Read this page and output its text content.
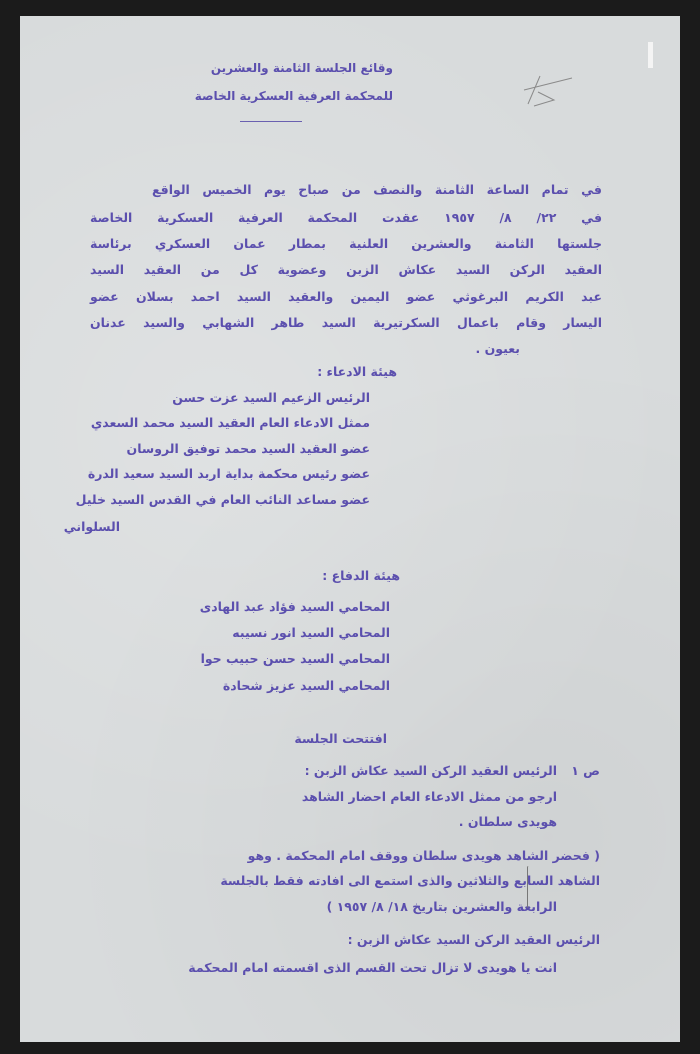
وقائع الجلسة الثامنة والعشرين
للمحكمة العرفية العسكرية الخاصة
في تمام الساعة الثامنة والنصف من صباح يوم الخميس الواقع
في ٢٢/ ٨/ ١٩٥٧ عقدت المحكمة العرفية العسكرية الخاصة
جلستها الثامنة والعشرين العلنية بمطار عمان العسكري برئاسة
العقيد الركن السيد عكاش الزبن وعضوية كل من العقيد السيد
عبد الكريم البرغوثي عضو اليمين والعقيد السيد احمد بسلان عضو
اليسار وقام باعمال السكرتيرية السيد طاهر الشهابي والسيد عدنان
بعيون .
هيئة الادعاء :
الرئيس الزعيم السيد عزت حسن
ممثل الادعاء العام العقيد السيد محمد السعدي
عضو العقيد السيد محمد توفيق الروسان
عضو رئيس محكمة بداية اربد السيد سعيد الدرة
عضو مساعد النائب العام في القدس السيد خليل
السلواني
هيئة الدفاع :
المحامي السيد فؤاد عبد الهادى
المحامي السيد انور نسيبه
المحامي السيد حسن حبيب حوا
المحامي السيد عزيز شحادة
افتتحت الجلسة
ص ١
الرئيس العقيد الركن السيد عكاش الزبن :
ارجو من ممثل الادعاء العام احضار الشاهد
هويدى سلطان .
( فحضر الشاهد هويدى سلطان ووقف امام المحكمة . وهو
الشاهد السابع والثلاثين والذى استمع الى افادته فقط بالجلسة
الرابعة والعشرين بتاريخ ١٨/ ٨/ ١٩٥٧ )
الرئيس العقيد الركن السيد عكاش الزبن :
انت يا هويدى لا تزال تحت القسم الذى اقسمته امام المحكمة
